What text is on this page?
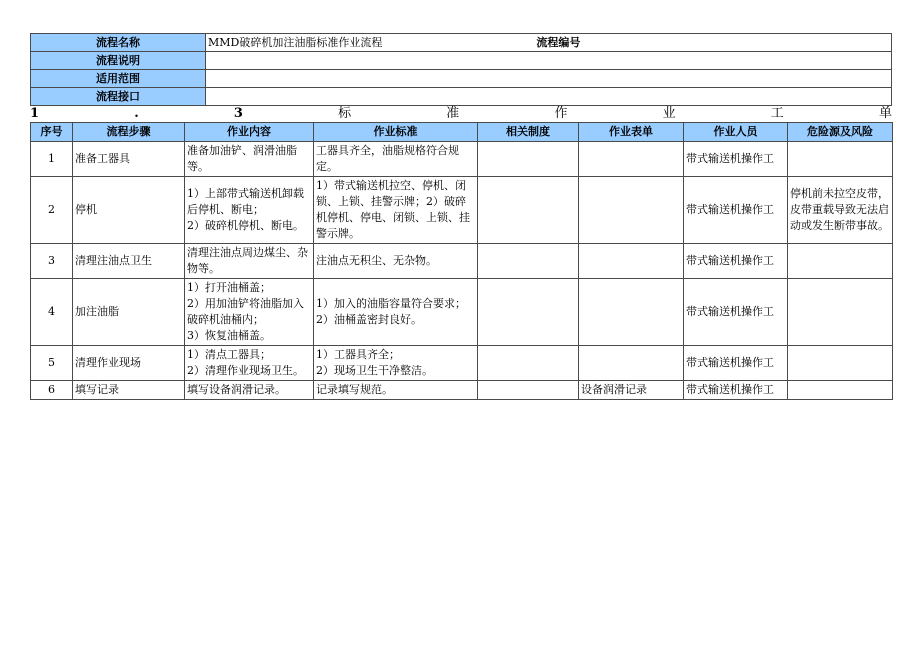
流程名称	MMD破碎机加注油脂标准作业流程 流程编号
流程说明	
适用范围	
流程接口	
1	.	3	标	准	作	业	工	单
序号	流程步骤	作业内容	作业标准	相关制度	作业表单	作业人员	危险源及风险
1	准备工器具	准备加油铲、润滑油脂等。	工器具齐全，油脂规格符合规定。			带式输送机操作工	
2	停机	1）上部带式输送机卸载后停机、断电；
2）破碎机停机、断电。	1）带式输送机拉空、停机、闭锁、上锁、挂警示牌；2）破碎机停机、停电、闭锁、上锁、挂警示牌。			带式输送机操作工	停机前未拉空皮带，皮带重载导致无法启动或发生断带事故。
3	清理注油点卫生	清理注油点周边煤尘、杂物等。	注油点无积尘、无杂物。			带式输送机操作工	
4	加注油脂	1）打开油桶盖；
2）用加油铲将油脂加入破碎机油桶内；
3）恢复油桶盖。	1）加入的油脂容量符合要求；
2）油桶盖密封良好。			带式输送机操作工	
5	清理作业现场	1）清点工器具；
2）清理作业现场卫生。	1）工器具齐全；
2）现场卫生干净整洁。			带式输送机操作工	
6	填写记录	填写设备润滑记录。	记录填写规范。		设备润滑记录	带式输送机操作工	
